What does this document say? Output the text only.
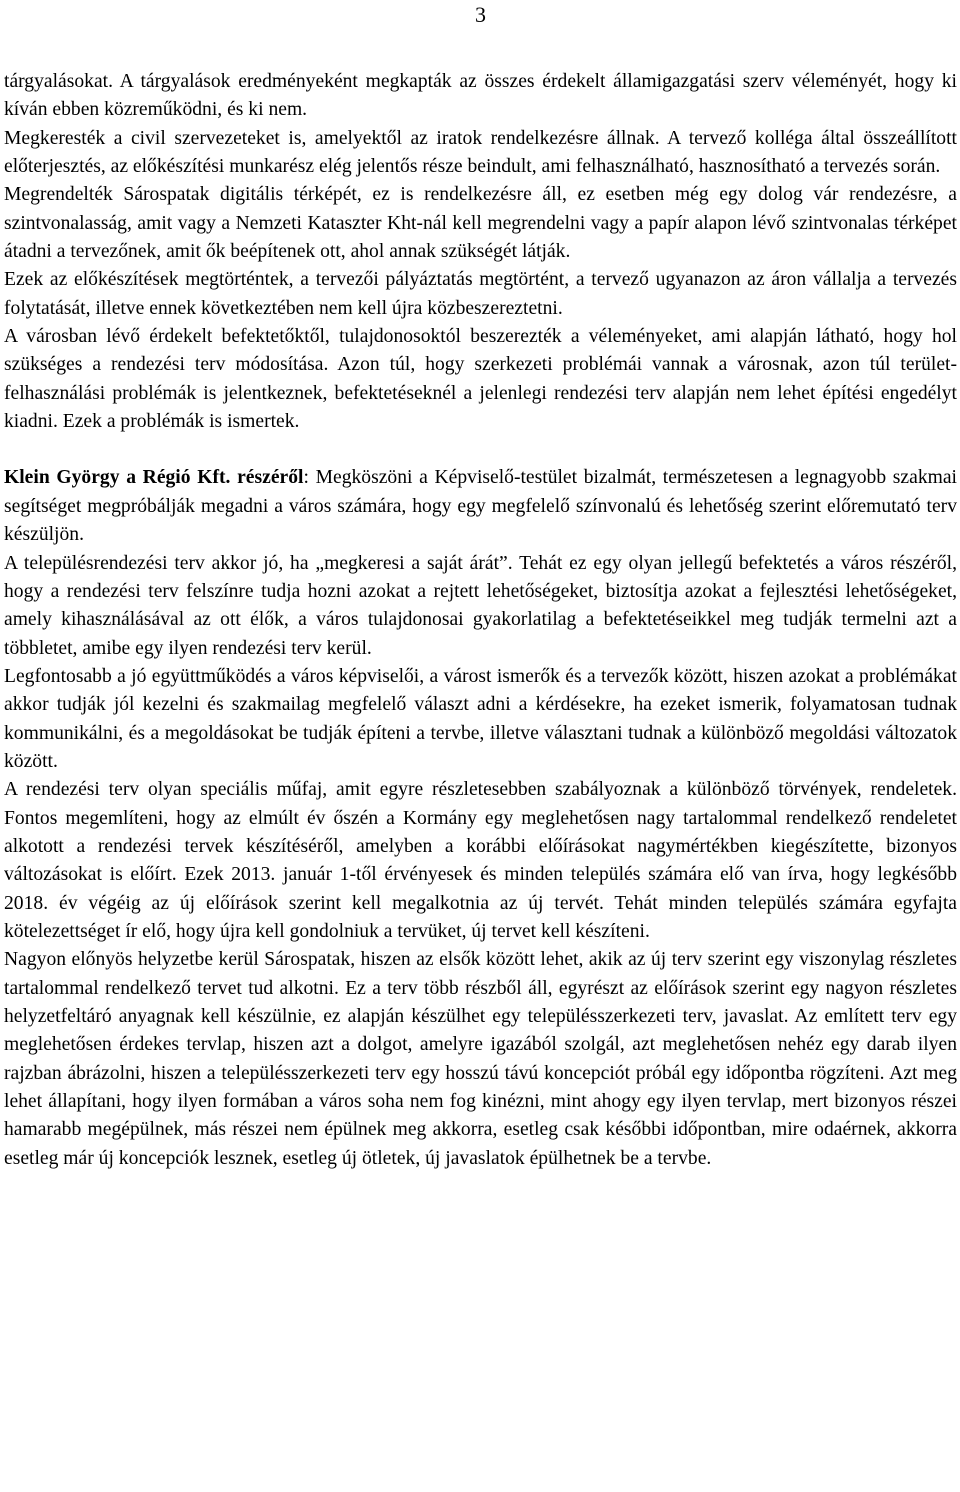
3

tárgyalásokat. A tárgyalások eredményeként megkapták az összes érdekelt államigazgatási szerv véleményét, hogy ki kíván ebben közreműködni, és ki nem.

Megkeresték a civil szervezeteket is, amelyektől az iratok rendelkezésre állnak. A tervező kolléga által összeállított előterjesztés, az előkészítési munkarész elég jelentős része beindult, ami felhasználható, hasznosítható a tervezés során.

Megrendelték Sárospatak digitális térképét, ez is rendelkezésre áll, ez esetben még egy dolog vár rendezésre, a szintvonalasság, amit vagy a Nemzeti Kataszter Kht-nál kell megrendelni vagy a papír alapon lévő szintvonalas térképet átadni a tervezőnek, amit ők beépítenek ott, ahol annak szükségét látják.

Ezek az előkészítések megtörténtek, a tervezői pályáztatás megtörtént, a tervező ugyanazon az áron vállalja a tervezés folytatását, illetve ennek következtében nem kell újra közbeszereztetni.

A városban lévő érdekelt befektetőktől, tulajdonosoktól beszerezték a véleményeket, ami alapján látható, hogy hol szükséges a rendezési terv módosítása. Azon túl, hogy szerkezeti problémái vannak a városnak, azon túl terület-felhasználási problémák is jelentkeznek, befektetéseknél a jelenlegi rendezési terv alapján nem lehet építési engedélyt kiadni. Ezek a problémák is ismertek.

Klein György a Régió Kft. részéről: Megköszöni a Képviselő-testület bizalmát, természetesen a legnagyobb szakmai segítséget megpróbálják megadni a város számára, hogy egy megfelelő színvonalú és lehetőség szerint előremutató terv készüljön.

A településrendezési terv akkor jó, ha „megkeresi a saját árát”. Tehát ez egy olyan jellegű befektetés a város részéről, hogy a rendezési terv felszínre tudja hozni azokat a rejtett lehetőségeket, biztosítja azokat a fejlesztési lehetőségeket, amely kihasználásával az ott élők, a város tulajdonosai gyakorlatilag a befektetéseikkel meg tudják termelni azt a többletet, amibe egy ilyen rendezési terv kerül.

Legfontosabb a jó együttműködés a város képviselői, a várost ismerők és a tervezők között, hiszen azokat a problémákat akkor tudják jól kezelni és szakmailag megfelelő választ adni a kérdésekre, ha ezeket ismerik, folyamatosan tudnak kommunikálni, és a megoldásokat be tudják építeni a tervbe, illetve választani tudnak a különböző megoldási változatok között.

A rendezési terv olyan speciális műfaj, amit egyre részletesebben szabályoznak a különböző törvények, rendeletek. Fontos megemlíteni, hogy az elmúlt év őszén a Kormány egy meglehetősen nagy tartalommal rendelkező rendeletet alkotott a rendezési tervek készítéséről, amelyben a korábbi előírásokat nagymértékben kiegészítette, bizonyos változásokat is előírt. Ezek 2013. január 1-től érvényesek és minden település számára elő van írva, hogy legkésőbb 2018. év végéig az új előírások szerint kell megalkotnia az új tervét. Tehát minden település számára egyfajta kötelezettséget ír elő, hogy újra kell gondolniuk a tervüket, új tervet kell készíteni.

Nagyon előnyös helyzetbe kerül Sárospatak, hiszen az elsők között lehet, akik az új terv szerint egy viszonylag részletes tartalommal rendelkező tervet tud alkotni. Ez a terv több részből áll, egyrészt az előírások szerint egy nagyon részletes helyzetfeltáró anyagnak kell készülnie, ez alapján készülhet egy településszerkezeti terv, javaslat. Az említett terv egy meglehetősen érdekes tervlap, hiszen azt a dolgot, amelyre igazából szolgál, azt meglehetősen nehéz egy darab ilyen rajzban ábrázolni, hiszen a településszerkezeti terv egy hosszú távú koncepciót próbál egy időpontba rögzíteni. Azt meg lehet állapítani, hogy ilyen formában a város soha nem fog kinézni, mint ahogy egy ilyen tervlap, mert bizonyos részei hamarabb megépülnek, más részei nem épülnek meg akkorra, esetleg csak későbbi időpontban, mire odaérnek, akkorra esetleg már új koncepciók lesznek, esetleg új ötletek, új javaslatok épülhetnek be a tervbe.
